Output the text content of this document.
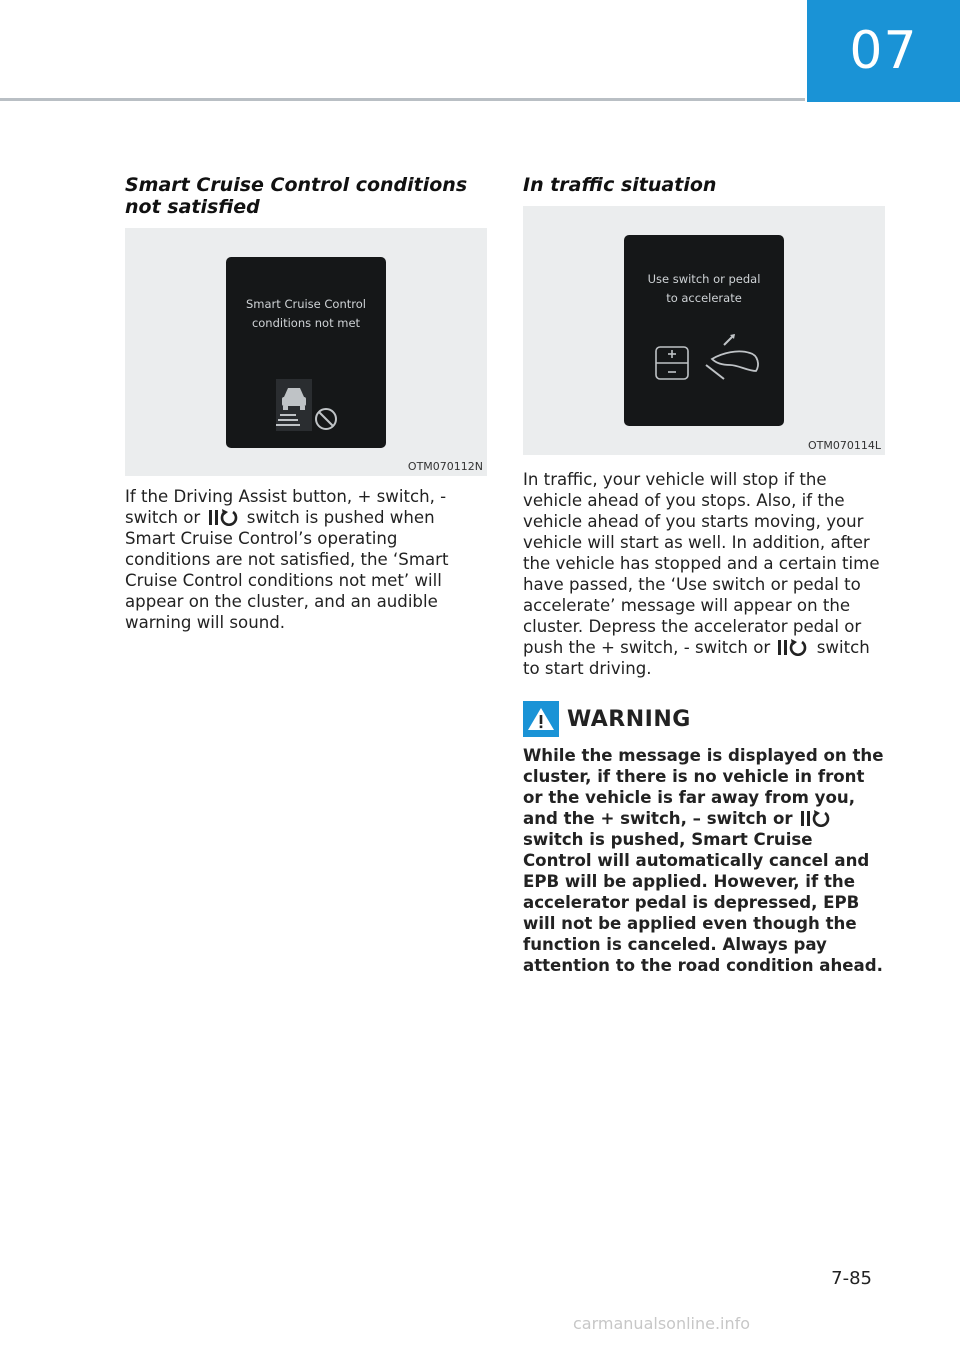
07
Smart Cruise Control conditions not satisfied
Smart Cruise Control
conditions not met
OTM070112N

If the Driving Assist button, + switch, - switch or	switch is pushed when Smart Cruise Control’s operating conditions are not satisfied, the ‘Smart Cruise Control conditions not met’ will appear on the cluster, and an audible warning will sound.

In traffic situation
Use switch or pedal
to accelerate
OTM070114L

In traffic, your vehicle will stop if the vehicle ahead of you stops. Also, if the vehicle ahead of you starts moving, your vehicle will start as well. In addition, after the vehicle has stopped and a certain time have passed, the ‘Use switch or pedal to accelerate’ message will appear on the cluster. Depress the accelerator pedal or push the + switch, - switch or	switch to start driving.

WARNING

While the message is displayed on the cluster, if there is no vehicle in front or the vehicle is far away from you, and the + switch, – switch or  switch is pushed, Smart Cruise Control will automatically cancel and EPB will be applied. However, if the accelerator pedal is depressed, EPB will not be applied even though the function is canceled. Always pay attention to the road condition ahead.

7-85
carmanualsonline.info
